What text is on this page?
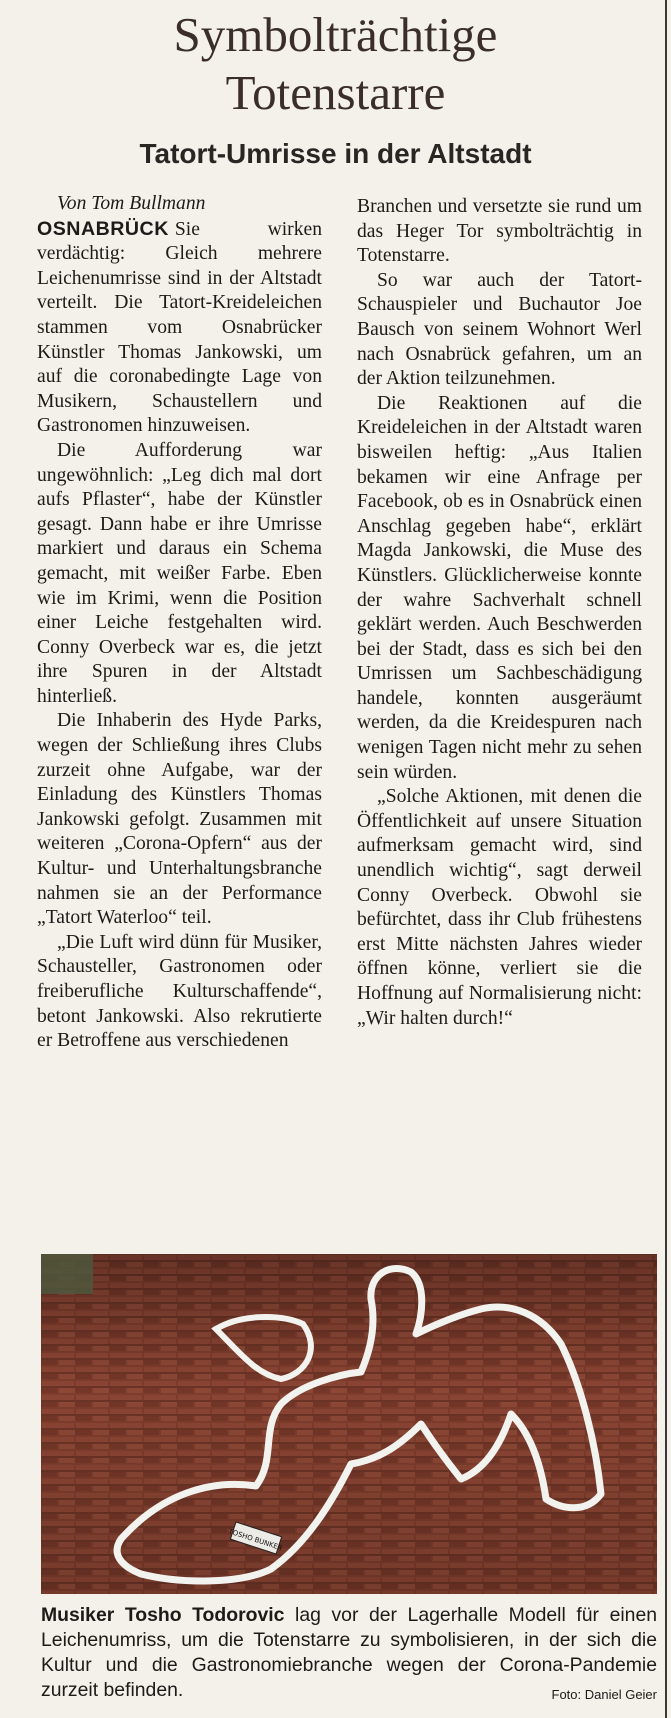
Symbolträchtige
Totenstarre
Tatort-Umrisse in der Altstadt

Von Tom Bullmann

OSNABRÜCK Sie wirken verdächtig: Gleich mehrere Leichenumrisse sind in der Altstadt verteilt. Die Tatort-Kreideleichen stammen vom Osnabrücker Künstler Thomas Jankowski, um auf die coronabedingte Lage von Musikern, Schaustellern und Gastronomen hinzuweisen.

Die Aufforderung war ungewöhnlich: „Leg dich mal dort aufs Pflaster“, habe der Künstler gesagt. Dann habe er ihre Umrisse markiert und daraus ein Schema gemacht, mit weißer Farbe. Eben wie im Krimi, wenn die Position einer Leiche festgehalten wird. Conny Overbeck war es, die jetzt ihre Spuren in der Altstadt hinterließ.

Die Inhaberin des Hyde Parks, wegen der Schließung ihres Clubs zurzeit ohne Aufgabe, war der Einladung des Künstlers Thomas Jankowski gefolgt. Zusammen mit weiteren „Corona-Opfern“ aus der Kultur- und Unterhaltungsbranche nahmen sie an der Performance „Tatort Waterloo“ teil.

„Die Luft wird dünn für Musiker, Schausteller, Gastronomen oder freiberufliche Kulturschaffende“, betont Jankowski. Also rekrutierte er Betroffene aus verschiedenen

Branchen und versetzte sie rund um das Heger Tor symbolträchtig in Totenstarre.

So war auch der Tatort-Schauspieler und Buchautor Joe Bausch von seinem Wohnort Werl nach Osnabrück gefahren, um an der Aktion teilzunehmen.

Die Reaktionen auf die Kreideleichen in der Altstadt waren bisweilen heftig: „Aus Italien bekamen wir eine Anfrage per Facebook, ob es in Osnabrück einen Anschlag gegeben habe“, erklärt Magda Jankowski, die Muse des Künstlers. Glücklicherweise konnte der wahre Sachverhalt schnell geklärt werden. Auch Beschwerden bei der Stadt, dass es sich bei den Umrissen um Sachbeschädigung handele, konnten ausgeräumt werden, da die Kreidespuren nach wenigen Tagen nicht mehr zu sehen sein würden.

„Solche Aktionen, mit denen die Öffentlichkeit auf unsere Situation aufmerksam gemacht wird, sind unendlich wichtig“, sagt derweil Conny Overbeck. Obwohl sie befürchtet, dass ihr Club frühestens erst Mitte nächsten Jahres wieder öffnen könne, verliert sie die Hoffnung auf Normalisierung nicht: „Wir halten durch!“

TOSHO BUNKER
Musiker Tosho Todorovic lag vor der Lagerhalle Modell für einen Leichenumriss, um die Totenstarre zu symbolisieren, in der sich die Kultur und die Gastronomiebranche wegen der Corona-Pandemie zurzeit befinden.	Foto: Daniel Geier
